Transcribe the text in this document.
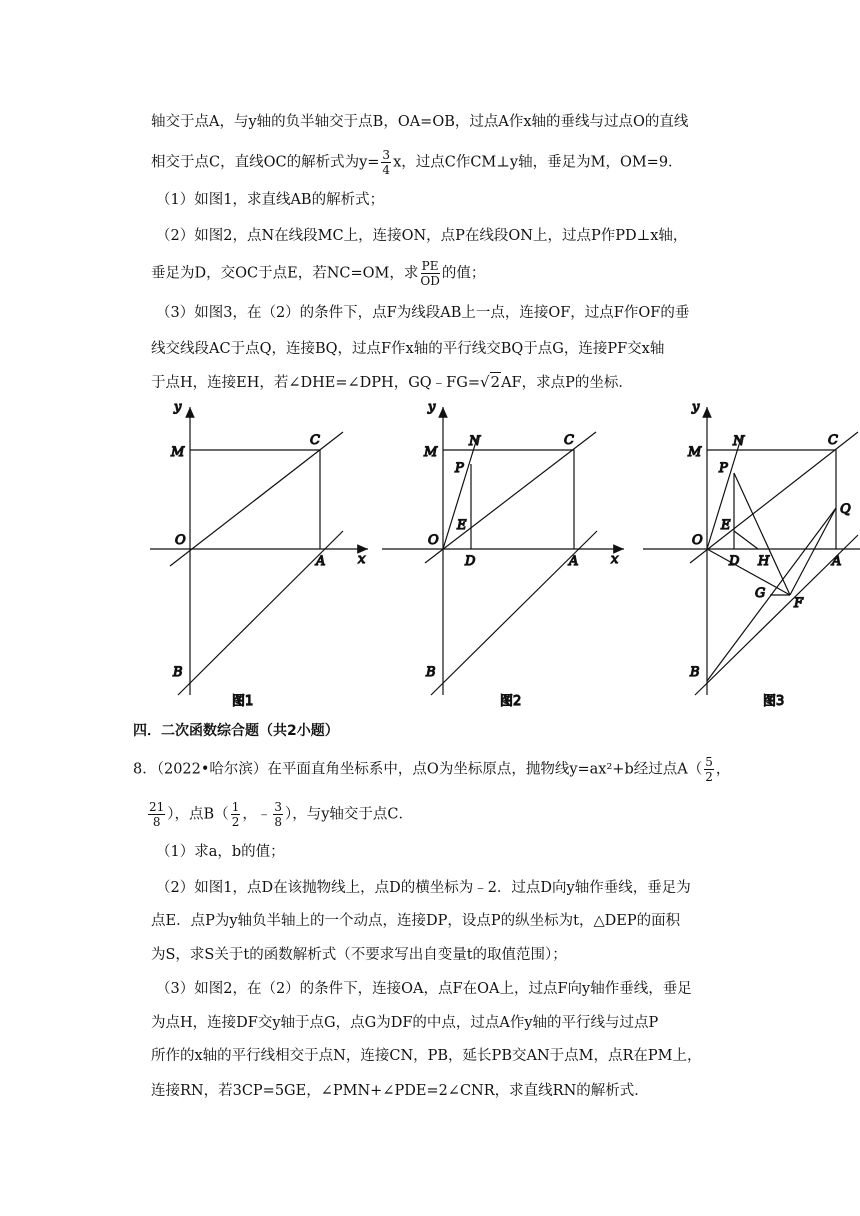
轴交于点A，与y轴的负半轴交于点B，OA=OB，过点A作x轴的垂线与过点O的直线
相交于点C，直线OC的解析式为$y= \frac{3}{4}$ x，过点C作CM⊥y轴，垂足为M，OM=9．
（1）如图1，求直线AB的解析式；
（2）如图2，点N在线段MC上，连接ON，点P在线段ON上，过点P作PD⊥x轴，
垂足为D，交OC于点E，若NC=OM，求 $\frac{PE}{OD}$ 的值；
（3）如图3，在（2）的条件下，点F为线段AB上一点，连接OF，过点F作OF的垂
线交线段AC于点Q，连接BQ，过点F作x轴的平行线交BQ于点G，连接PF交x轴
于点H，连接EH，若∠DHE=∠DPH，GQ﹣FG=√2AF，求点P的坐标．
y
M
C
O
A	x
B
图1
y
M
N	C
P
E
O
D	A	x
B
图2
y
M
N	C
P
E
O
D H	A
Q
G
F
B
图3
四．二次函数综合题（共2小题）
8．（2022•哈尔滨）在平面直角坐标系中，点O为坐标原点，抛物线y=ax²+b经过点$A( \frac{5}{2}$ ，
$\frac{21}{8}$ ），点$B( \frac{1}{2}$ ，﹣ $\frac{3}{8}$ ），与y轴交于点C．
（1）求a，b的值；
（2）如图1，点D在该抛物线上，点D的横坐标为﹣2．过点D向y轴作垂线，垂足为
点E．点P为y轴负半轴上的一个动点，连接DP，设点P的纵坐标为t，△DEP的面积
为S，求S关于t的函数解析式（不要求写出自变量t的取值范围）；
（3）如图2，在（2）的条件下，连接OA，点F在OA上，过点F向y轴作垂线，垂足
为点H，连接DF交y轴于点G，点G为DF的中点，过点A作y轴的平行线与过点P
所作的x轴的平行线相交于点N，连接CN，PB，延长PB交AN于点M，点R在PM上，
连接RN，若3CP=5GE，∠PMN+∠PDE=2∠CNR，求直线RN的解析式．
